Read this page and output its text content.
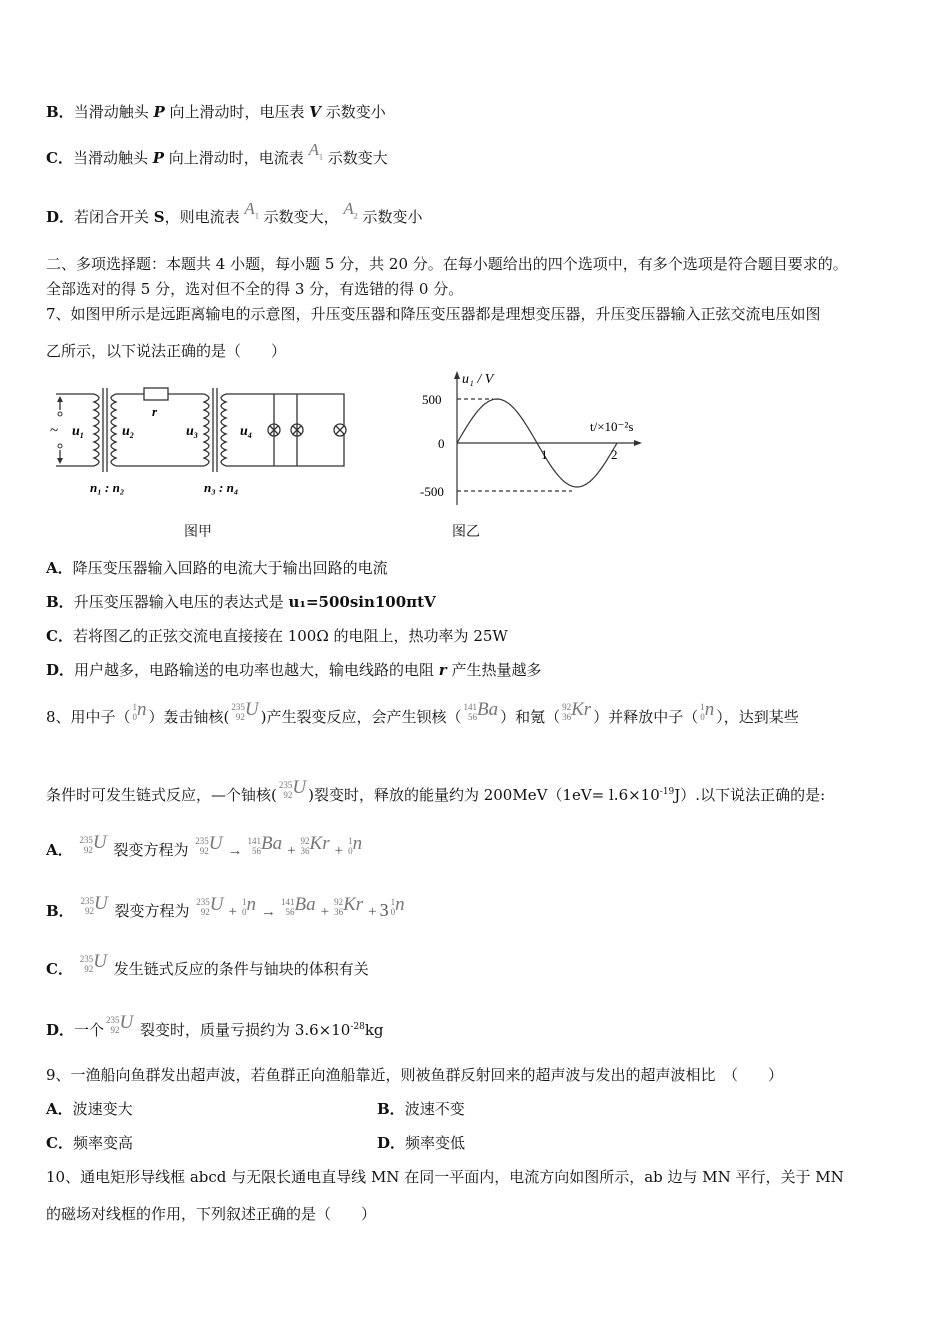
B．当滑动触头 P 向上滑动时，电压表 V 示数变小
C．当滑动触头 P 向上滑动时，电流表 $A_1$ 示数变大
D．若闭合开关 S，则电流表 $A_1$ 示数变大， $A_2$ 示数变小
二、多项选择题：本题共 4 小题，每小题 5 分，共 20 分。在每小题给出的四个选项中，有多个选项是符合题目要求的。
全部选对的得 5 分，选对但不全的得 3 分，有选错的得 0 分。
7、如图甲所示是远距离输电的示意图，升压变压器和降压变压器都是理想变压器，升压变压器输入正弦交流电压如图
乙所示，以下说法正确的是（　　）
~ $u_1$	$u_2$	$u_3$	$u_4$
r
n₁ : n₂	n₃ : n₄
图甲
u₁ / V
t/×10⁻²s
500
0
-500
1	2
图乙
A．降压变压器输入回路的电流大于输出回路的电流
B．升压变压器输入电压的表达式是 u₁=500sin100πtV
C．若将图乙的正弦交流电直接接在 100Ω 的电阻上，热功率为 25W
D．用户越多，电路输送的电功率也越大，输电线路的电阻 r 产生热量越多
8、用中子（
1
0 n ）轰击铀核(
235
92 U )产生裂变反应，会产生钡核（
141
56 Ba ）和氪（
92
36 Kr ）并释放中子（
1
0 n ），达到某些
条件时可发生链式反应，—个铀核(
235
92 U )裂变时，释放的能量约为 $200MeV(1eV= l.6\times 10^{-19}J)$.以下说法正确的是:
A．
235
92 U 裂变方程为
235
92 U →
141
56 Ba +
92
36 Kr +
1
0 n
B．
235
92 U 裂变方程为
235
92 U +
1
0 n →
141
56 Ba +
92
36 Kr + 3 1
0 n
C．
235
92 U 发生链式反应的条件与铀块的体积有关
D．一个
235
92 U 裂变时，质量亏损约为 $3.6\times 10^{-28}kg$
9、一渔船向鱼群发出超声波，若鱼群正向渔船靠近，则被鱼群反射回来的超声波与发出的超声波相比　（　　）
A．波速变大	B．波速不变
C．频率变高	D．频率变低
10、通电矩形导线框 abcd 与无限长通电直导线 MN 在同一平面内，电流方向如图所示，ab 边与 MN 平行，关于 MN
的磁场对线框的作用，下列叙述正确的是（　　）
